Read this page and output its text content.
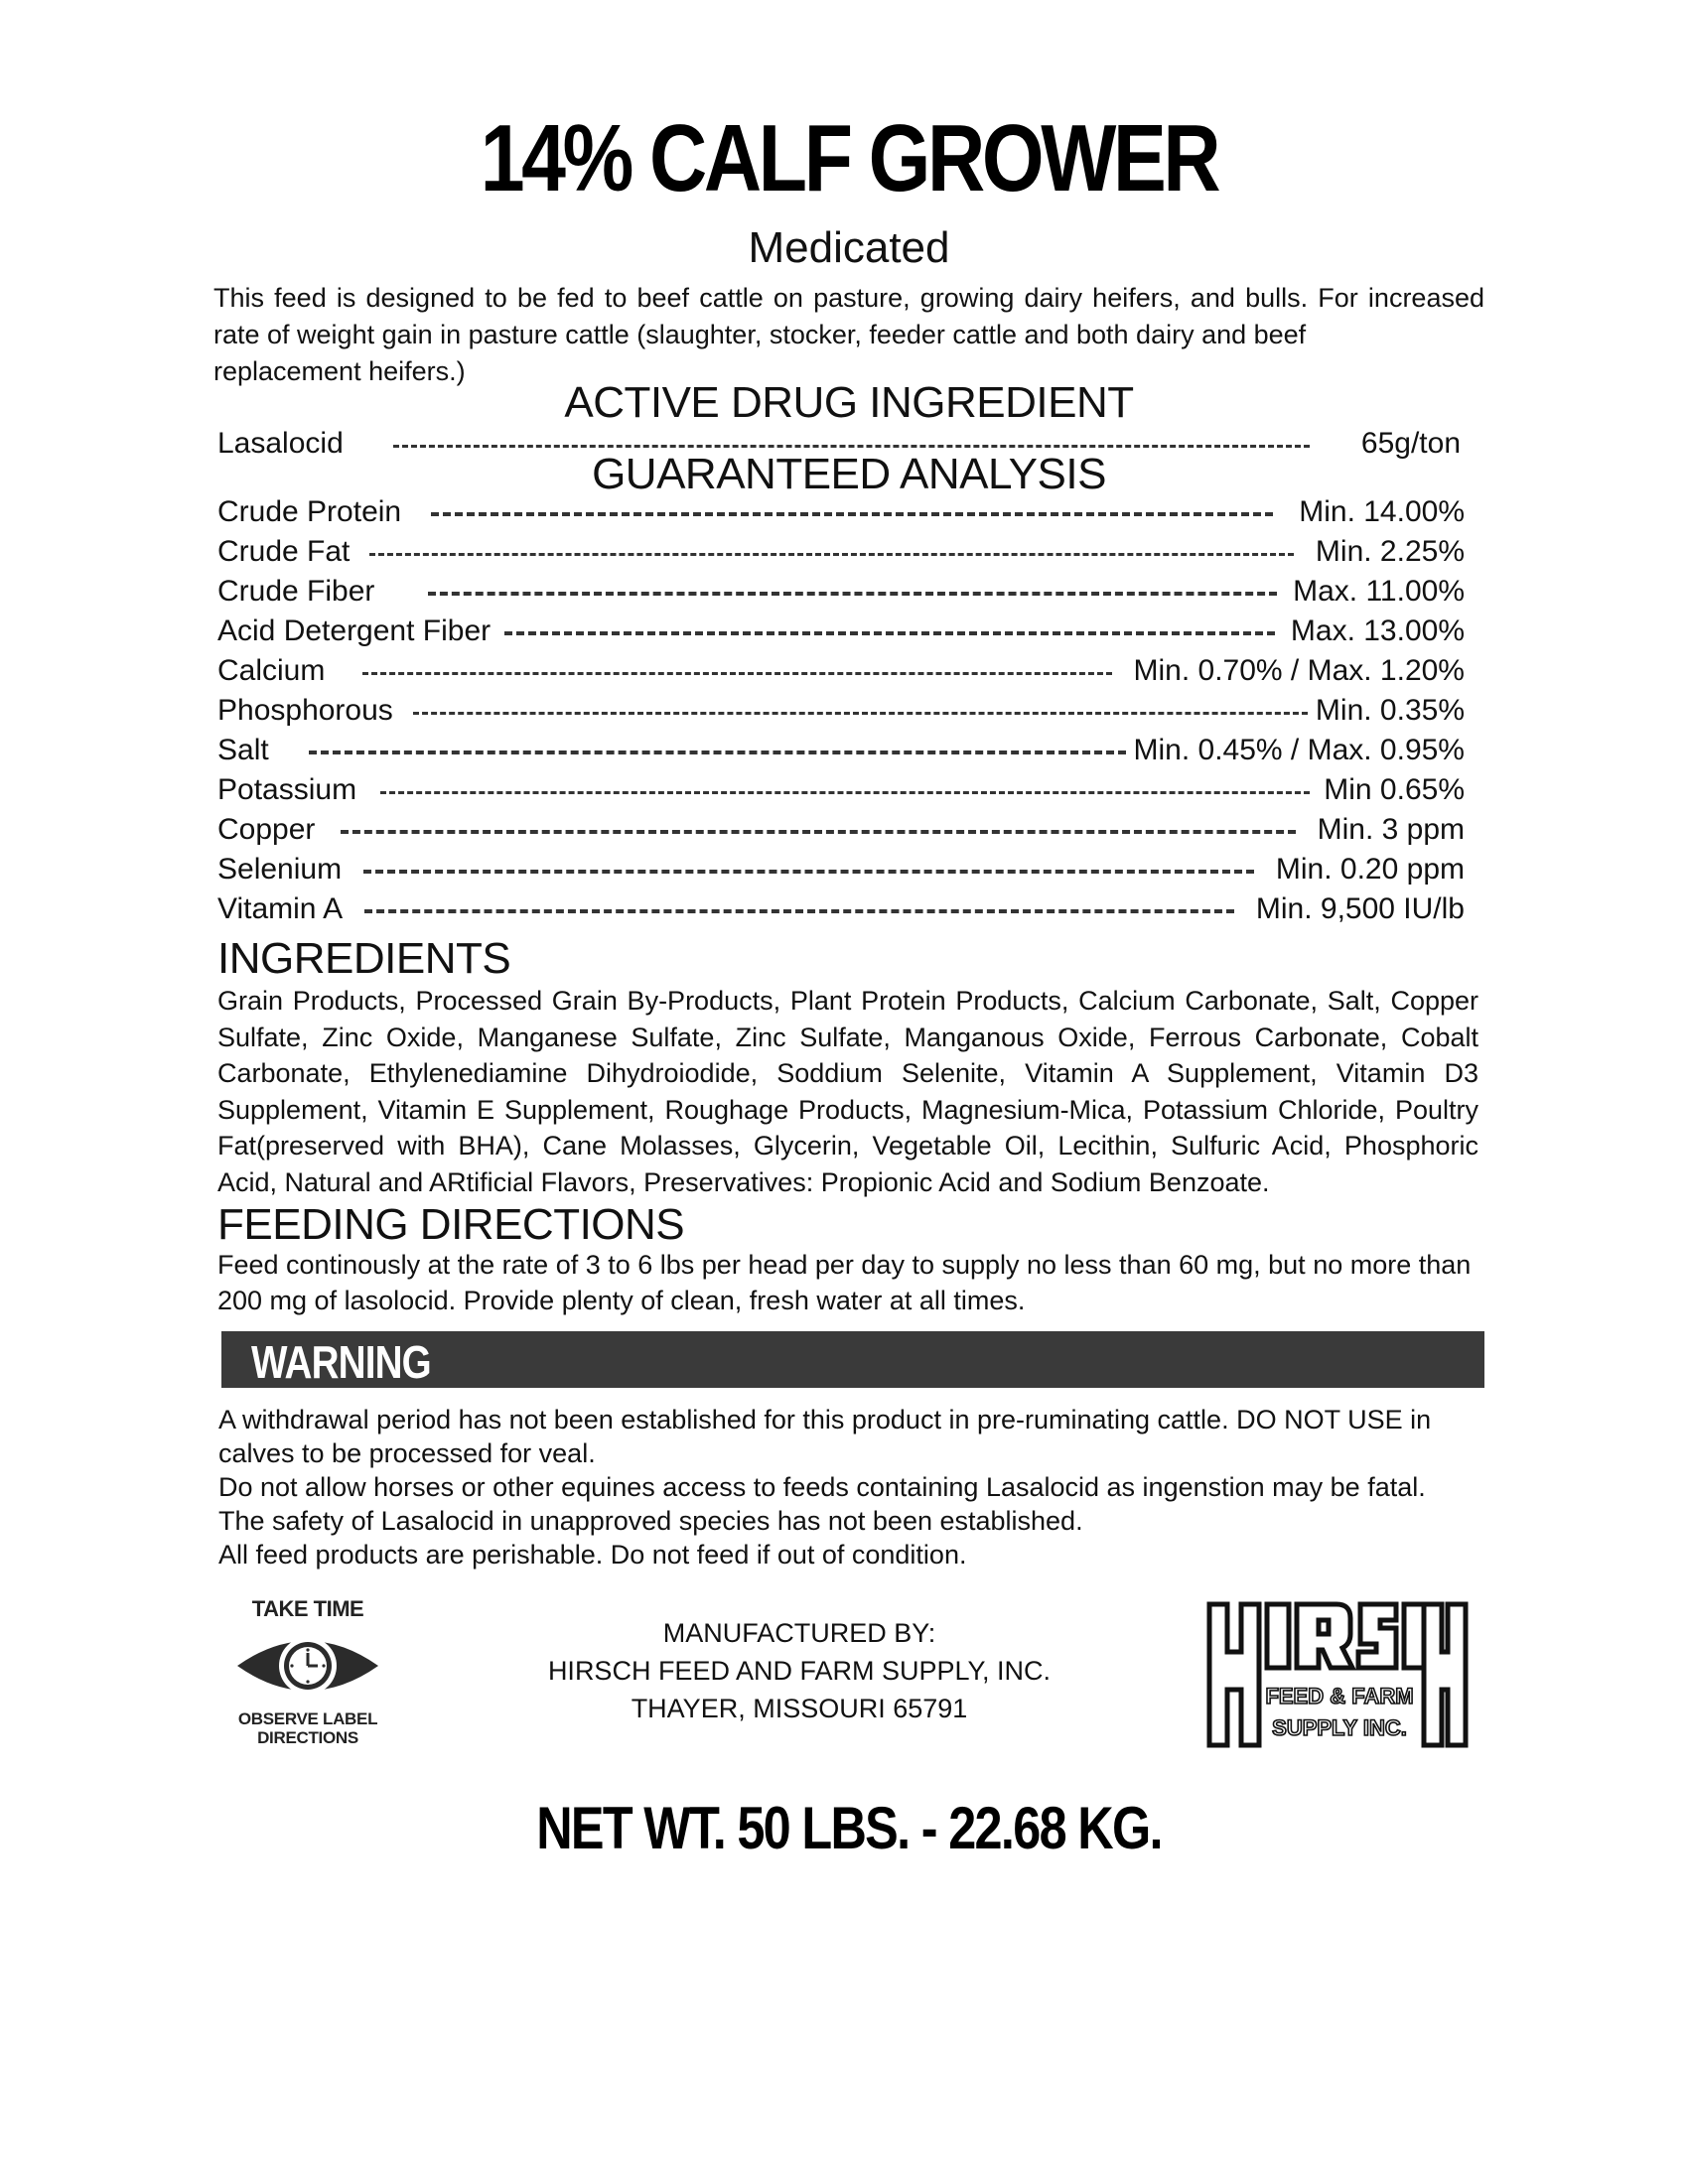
14% CALF GROWER
Medicated
This feed is designed to be fed to beef cattle on pasture, growing dairy heifers, and bulls. For increased rate of weight gain in pasture cattle (slaughter, stocker, feeder cattle and both dairy and beef
replacement heifers.)
ACTIVE DRUG INGREDIENT
Lasalocid	65g/ton
GUARANTEED ANALYSIS
Crude Protein	Min. 14.00%
Crude Fat	Min. 2.25%
Crude Fiber	Max. 11.00%
Acid Detergent Fiber	Max. 13.00%
Calcium	Min. 0.70% / Max. 1.20%
Phosphorous	Min. 0.35%
Salt	Min. 0.45% / Max. 0.95%
Potassium	Min 0.65%
Copper	Min. 3 ppm
Selenium	Min. 0.20 ppm
Vitamin A	Min. 9,500 IU/lb
INGREDIENTS
Grain Products, Processed Grain By-Products, Plant Protein Products, Calcium Carbonate, Salt, Copper Sulfate, Zinc Oxide, Manganese Sulfate, Zinc Sulfate, Manganous Oxide, Ferrous Carbonate, Cobalt Carbonate, Ethylenediamine Dihydroiodide, Soddium Selenite, Vitamin A Supplement, Vitamin D3 Supplement, Vitamin E Supplement, Roughage Products, Magnesium-Mica, Potassium Chloride, Poultry Fat(preserved with BHA), Cane Molasses, Glycerin, Vegetable Oil, Lecithin, Sulfuric Acid, Phosphoric Acid, Natural and ARtificial Flavors, Preservatives: Propionic Acid and Sodium Benzoate.
FEEDING DIRECTIONS
Feed continously at the rate of 3 to 6 lbs per head per day to supply no less than 60 mg, but no more than 200 mg of lasolocid. Provide plenty of clean, fresh water at all times.
WARNING
A withdrawal period has not been established for this product in pre-ruminating cattle. DO NOT USE in
calves to be processed for veal.
Do not allow horses or other equines access to feeds containing Lasalocid as ingenstion may be fatal.
The safety of Lasalocid in unapproved species has not been established.
All feed products are perishable. Do not feed if out of condition.
TAKE TIME
OBSERVE LABEL
DIRECTIONS
MANUFACTURED BY:
HIRSCH FEED AND FARM SUPPLY, INC.
THAYER, MISSOURI 65791	FEED & FARM
SUPPLY INC.
NET WT. 50 LBS. - 22.68 KG.
